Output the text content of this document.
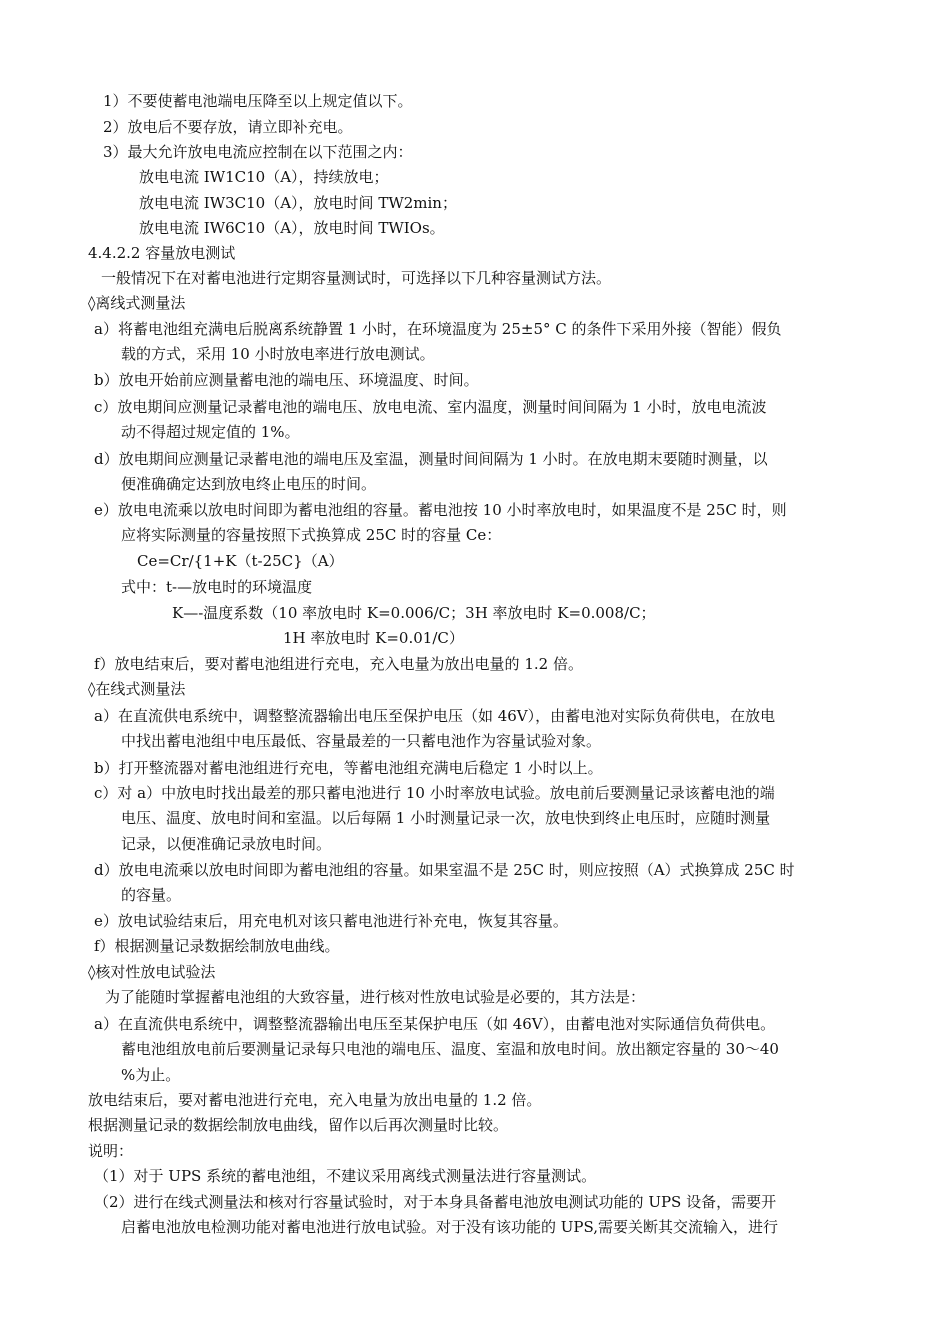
1）不要使蓄电池端电压降至以上规定值以下。
2）放电后不要存放，请立即补充电。
3）最大允许放电电流应控制在以下范围之内：
放电电流 IW1C10（A），持续放电；
放电电流 IW3C10（A），放电时间 TW2min；
放电电流 IW6C10（A），放电时间 TWIOs。
4.4.2.2 容量放电测试
一般情况下在对蓄电池进行定期容量测试时，可选择以下几种容量测试方法。
◊离线式测量法
a）将蓄电池组充满电后脱离系统静置 1 小时，在环境温度为 25±5° C 的条件下采用外接（智能）假负
载的方式，采用 10 小时放电率进行放电测试。
b）放电开始前应测量蓄电池的端电压、环境温度、时间。
c）放电期间应测量记录蓄电池的端电压、放电电流、室内温度，测量时间间隔为 1 小时，放电电流波
动不得超过规定值的 1%。
d）放电期间应测量记录蓄电池的端电压及室温，测量时间间隔为 1 小时。在放电期末要随时测量，以
便准确确定达到放电终止电压的时间。
e）放电电流乘以放电时间即为蓄电池组的容量。蓄电池按 10 小时率放电时，如果温度不是 25C 时，则
应将实际测量的容量按照下式换算成 25C 时的容量 Ce：
Ce=Cr/{1+K（t-25C}（A）
式中：t-—放电时的环境温度
K—-温度系数（10 率放电时 K=0.006/C；3H 率放电时 K=0.008/C；
1H 率放电时 K=0.01/C）
f）放电结束后，要对蓄电池组进行充电，充入电量为放出电量的 1.2 倍。
◊在线式测量法
a）在直流供电系统中，调整整流器输出电压至保护电压（如 46V），由蓄电池对实际负荷供电，在放电
中找出蓄电池组中电压最低、容量最差的一只蓄电池作为容量试验对象。
b）打开整流器对蓄电池组进行充电，等蓄电池组充满电后稳定 1 小时以上。
c）对 a）中放电时找出最差的那只蓄电池进行 10 小时率放电试验。放电前后要测量记录该蓄电池的端
电压、温度、放电时间和室温。以后每隔 1 小时测量记录一次，放电快到终止电压时，应随时测量
记录，以便准确记录放电时间。
d）放电电流乘以放电时间即为蓄电池组的容量。如果室温不是 25C 时，则应按照（A）式换算成 25C 时
的容量。
e）放电试验结束后，用充电机对该只蓄电池进行补充电，恢复其容量。
f）根据测量记录数据绘制放电曲线。
◊核对性放电试验法
为了能随时掌握蓄电池组的大致容量，进行核对性放电试验是必要的，其方法是：
a）在直流供电系统中，调整整流器输出电压至某保护电压（如 46V），由蓄电池对实际通信负荷供电。
蓄电池组放电前后要测量记录每只电池的端电压、温度、室温和放电时间。放出额定容量的 30〜40
%为止。
放电结束后，要对蓄电池进行充电，充入电量为放出电量的 1.2 倍。
根据测量记录的数据绘制放电曲线，留作以后再次测量时比较。
说明：
（1）对于 UPS 系统的蓄电池组，不建议采用离线式测量法进行容量测试。
（2）进行在线式测量法和核对行容量试验时，对于本身具备蓄电池放电测试功能的 UPS 设备，需要开
启蓄电池放电检测功能对蓄电池进行放电试验。对于没有该功能的 UPS,需要关断其交流输入，进行
